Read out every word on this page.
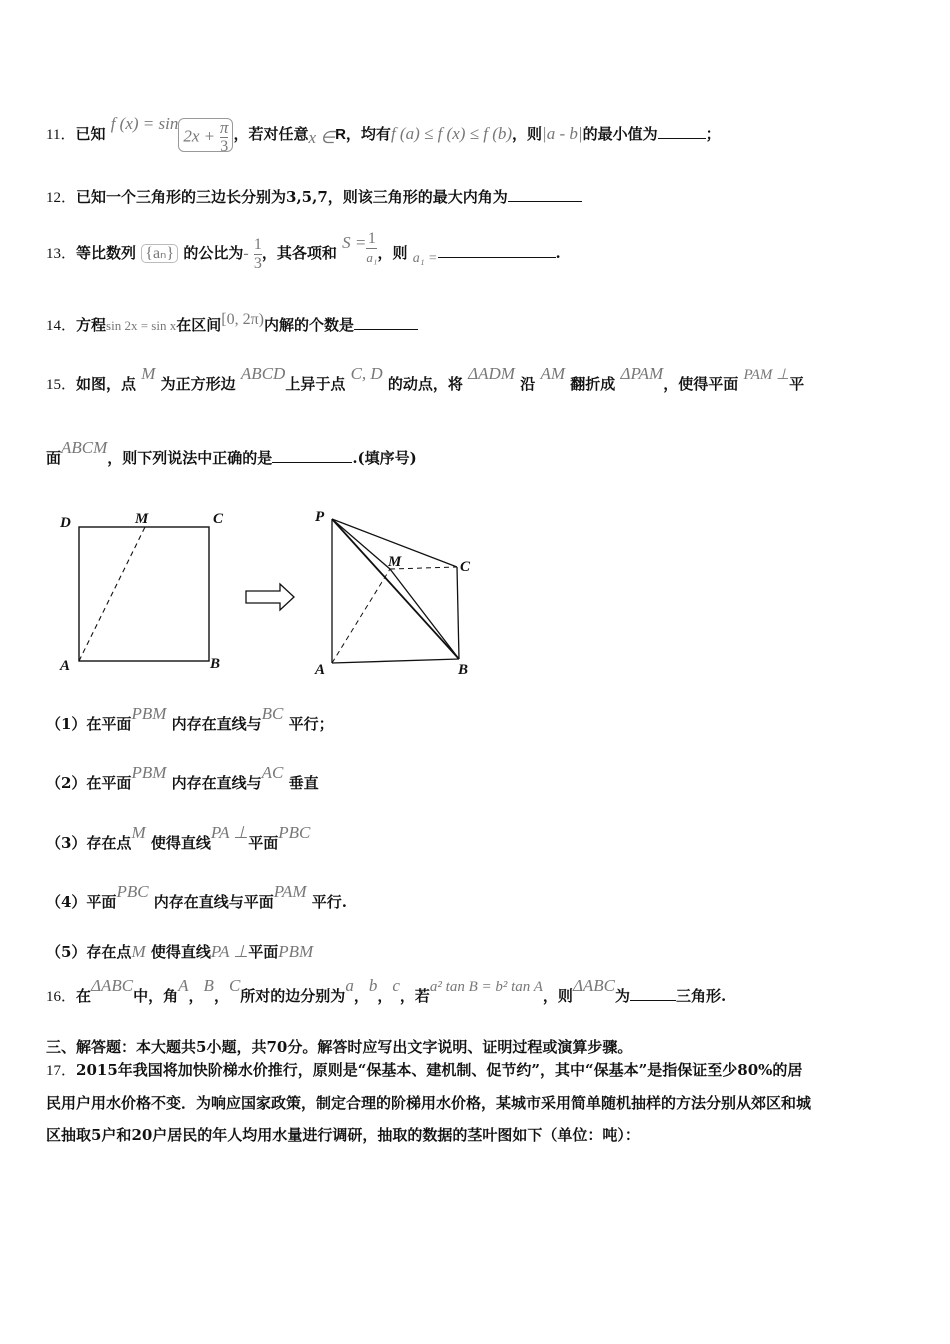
11．已知 f $(x) = \sin 2x + \frac{\pi}{3}$ ，若对任意x ∈R，均有f (a) ≤ f (x) ≤ f (b)，则|a - b|的最小值为	；
12．已知一个三角形的三边长分别为3,5,7，则该三角形的最大内角为
13．等比数列 {aₙ} 的公比为- $\frac{1}{3}$ ，其各项和 $S = \frac{1}{\text{a₁}}$ ，则 a₁ =	.
14．方程sin 2x = sin x在区间[0, 2π)内解的个数是
15．如图，点 M 为正方形边 ABCD上异于点 C, D 的动点，将 ΔADM 沿 AM 翻折成 ΔPAM，使得平面 PAM ⊥平
面ABCM，则下列说法中正确的是	.(填序号)
D	M	C
A	B
P
M	C
A	B
（1）在平面PBM 内存在直线与BC 平行；
（2）在平面PBM 内存在直线与AC 垂直
（3）存在点M 使得直线PA ⊥平面PBC
（4）平面PBC 内存在直线与平面PAM 平行.
（5）存在点M 使得直线PA ⊥平面PBM
16．在ΔABC中，角A，B，C所对的边分别为a，b，c，若a² tan B = b² tan A，则ΔABC为	三角形.
三、解答题：本大题共5小题，共70分。解答时应写出文字说明、证明过程或演算步骤。
17．2015年我国将加快阶梯水价推行，原则是“保基本、建机制、促节约”，其中“保基本”是指保证至少80%的居
民用户用水价格不变．为响应国家政策，制定合理的阶梯用水价格，某城市采用简单随机抽样的方法分别从郊区和城
区抽取5户和20户居民的年人均用水量进行调研，抽取的数据的茎叶图如下（单位：吨）：
